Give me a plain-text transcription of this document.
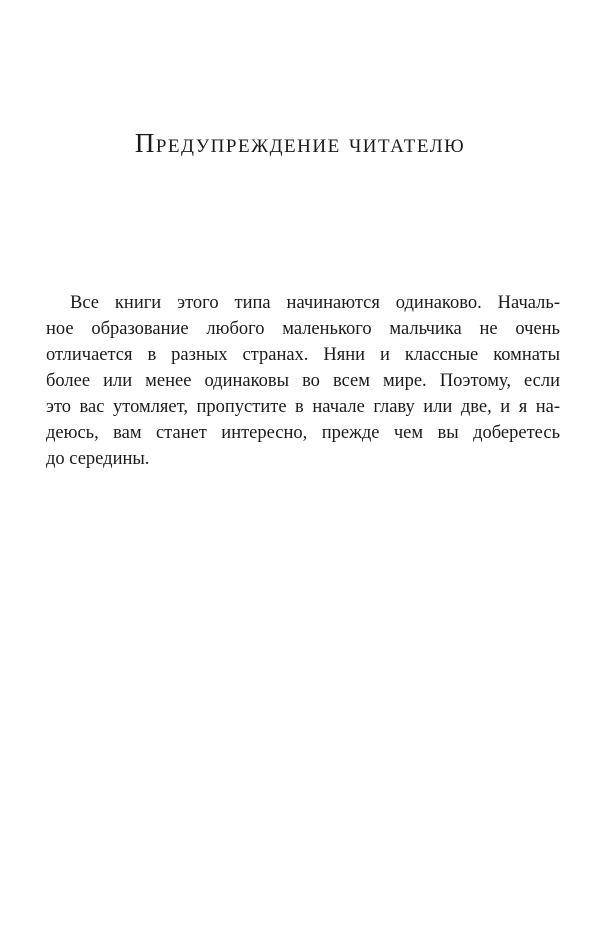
Предупреждение читателю
Все книги этого типа начинаются одинаково. Началь-
ное образование любого маленького мальчика не очень
отличается в разных странах. Няни и классные комнаты
более или менее одинаковы во всем мире. Поэтому, если
это вас утомляет, пропустите в начале главу или две, и я на-
деюсь, вам станет интересно, прежде чем вы доберетесь
до середины.
